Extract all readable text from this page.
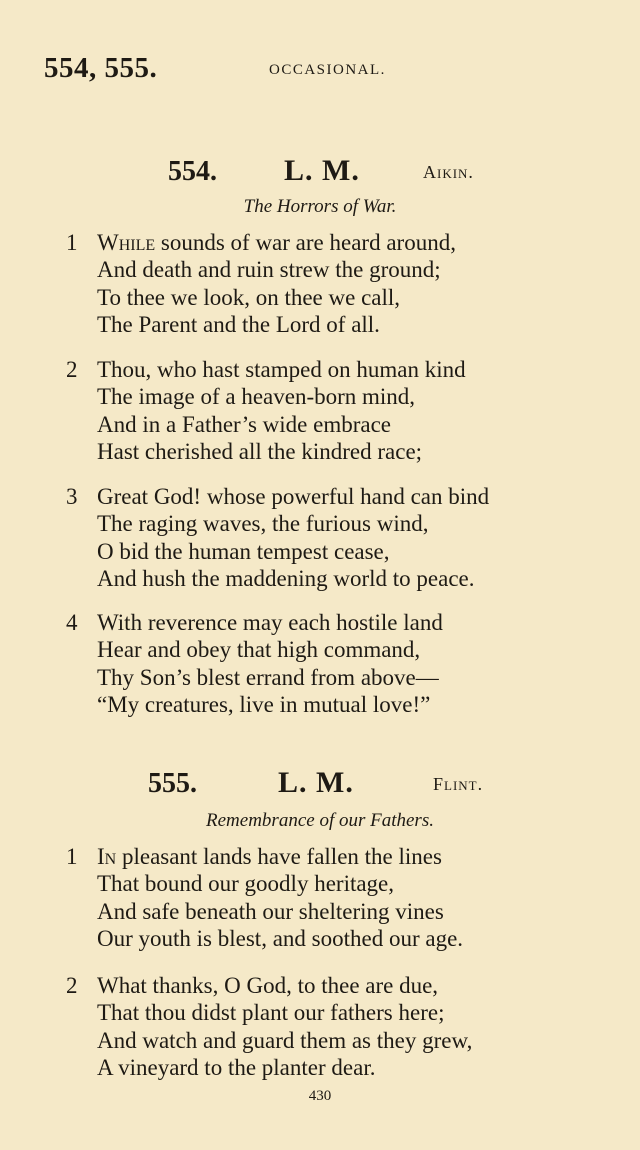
554, 555.	OCCASIONAL.
554. L. M.	Aikin.
The Horrors of War.
1 While sounds of war are heard around,
And death and ruin strew the ground;
To thee we look, on thee we call,
The Parent and the Lord of all.
2 Thou, who hast stamped on human kind
The image of a heaven-born mind,
And in a Father’s wide embrace
Hast cherished all the kindred race;
3 Great God! whose powerful hand can bind
The raging waves, the furious wind,
O bid the human tempest cease,
And hush the maddening world to peace.
4 With reverence may each hostile land
Hear and obey that high command,
Thy Son’s blest errand from above—
“My creatures, live in mutual love!”
555.	L. M.	Flint.
Remembrance of our Fathers.
1 In pleasant lands have fallen the lines
That bound our goodly heritage,
And safe beneath our sheltering vines
Our youth is blest, and soothed our age.
2 What thanks, O God, to thee are due,
That thou didst plant our fathers here;
And watch and guard them as they grew,
A vineyard to the planter dear.
430
